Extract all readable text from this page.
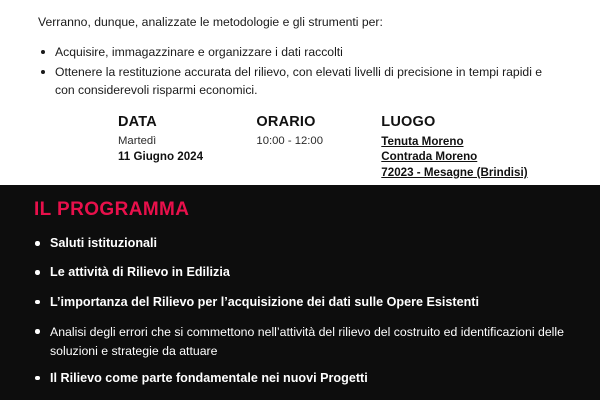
Verranno, dunque, analizzate le metodologie e gli strumenti per:

Acquisire, immagazzinare e organizzare i dati raccolti
Ottenere la restituzione accurata del rilievo, con elevati livelli di precisione in tempi rapidi e con considerevoli risparmi economici.
DATA
Martedì
11 Giugno 2024
ORARIO
10:00 - 12:00
LUOGO
Tenuta Moreno
Contrada Moreno
72023 - Mesagne (Brindisi)
IL PROGRAMMA
Saluti istituzionali
Le attività di Rilievo in Edilizia
L’importanza del Rilievo per l’acquisizione dei dati sulle Opere Esistenti
Analisi degli errori che si commettono nell’attività del rilievo del costruito ed identificazioni delle soluzioni e strategie da attuare
Il Rilievo come parte fondamentale nei nuovi Progetti
Le problematiche del rilievo
